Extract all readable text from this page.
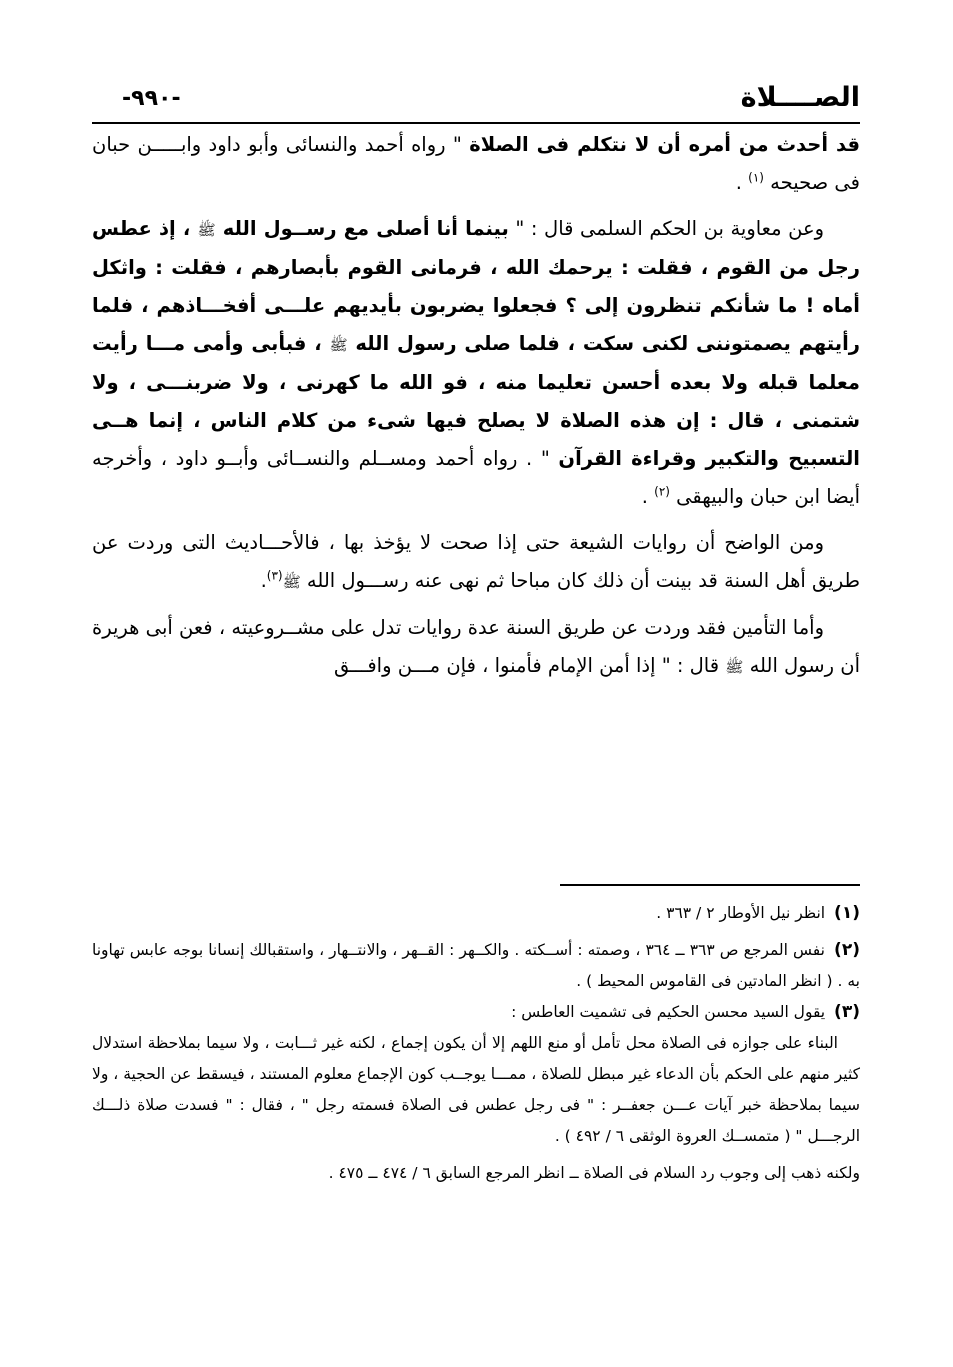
-٩٩٠-	الصــــلاة

قد أحدث من أمره أن لا نتكلم فى الصلاة " رواه أحمد والنسائى وأبو داود وابـــــن حبان فى صحيحه $^{(١)}$ .

وعن معاوية بن الحكم السلمى قال : " بينما أنا أصلى مع رســول الله ﷺ ، إذ عطس رجل من القوم ، فقلت : يرحمك الله ، فرمانى القوم بأبصارهم ، فقلت : واثكل أماه ! ما شأنكم تنظرون إلى ؟ فجعلوا يضربون بأيديهم علـــى أفخـــاذهم ، فلما رأيتهم يصمتوننى لكنى سكت ، فلما صلى رسول الله ﷺ ، فبأبى وأمى مـــا رأيت معلما قبله ولا بعده أحسن تعليما منه ، فو الله ما كهرنى ، ولا ضربنـــى ، ولا شتمنى ، قال : إن هذه الصلاة لا يصلح فيها شىء من كلام الناس ، إنما هــى التسبيح والتكبير وقراءة القرآن " . رواه أحمد ومســلم والنســائى وأبــو داود ، وأخرجه أيضا ابن حبان والبيهقى $^{(٢)}$ .

ومن الواضح أن روايات الشيعة حتى إذا صحت لا يؤخذ بها ، فالأحـــاديث التى وردت عن طريق أهل السنة قد بينت أن ذلك كان مباحا ثم نهى عنه رســـول الله ﷺ$^{(٣)}$.

وأما التأمين فقد وردت عن طريق السنة عدة روايات تدل على مشــروعيته ، فعن أبى هريرة أن رسول الله ﷺ قال : " إذا أمن الإمام فأمنوا ، فإن مـــن وافـــق

(١) انظر نيل الأوطار ٢ / ٣٦٣ .

(٢) نفس المرجع ص ٣٦٣ ــ ٣٦٤ ، وصمته : أســكته . والكــهر : القــهر ، والانتــهار ، واستقبالك إنسانا بوجه عابس تهاونا به . ( انظر المادتين فى القاموس المحيط ) .

(٣) يقول السيد محسن الحكيم فى تشميت العاطس :

البناء على جوازه فى الصلاة محل تأمل أو منع اللهم إلا أن يكون إجماع ، لكنه غير ثـــابت ، ولا سيما بملاحظة استدلال كثير منهم على الحكم بأن الدعاء غير مبطل للصلاة ، ممـــا يوجــب كون الإجماع معلوم المستند ، فيسقط عن الحجية ، ولا سيما بملاحظة خبر آيات عـــن جعفــر : " فى رجل عطس فى الصلاة فسمته رجل " ، فقال : " فسدت صلاة ذلـــك الرجـــل " ( متمســك العروة الوثقى ٦ / ٤٩٢ ) .

ولكنه ذهب إلى وجوب رد السلام فى الصلاة ــ انظر المرجع السابق ٦ / ٤٧٤ ــ ٤٧٥ .
